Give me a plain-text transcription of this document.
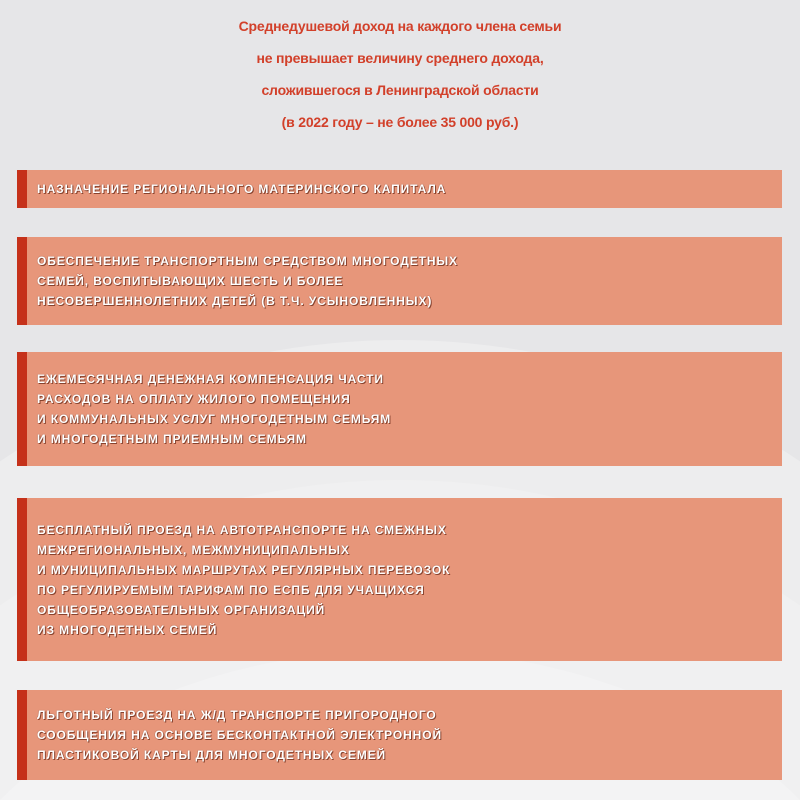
Среднедушевой доход на каждого члена семьи
не превышает величину среднего дохода,
сложившегося в Ленинградской области
(в 2022 году – не более 35 000 руб.)
НАЗНАЧЕНИЕ РЕГИОНАЛЬНОГО МАТЕРИНСКОГО КАПИТАЛА
ОБЕСПЕЧЕНИЕ ТРАНСПОРТНЫМ СРЕДСТВОМ МНОГОДЕТНЫХ
СЕМЕЙ, ВОСПИТЫВАЮЩИХ ШЕСТЬ И БОЛЕЕ
НЕСОВЕРШЕННОЛЕТНИХ ДЕТЕЙ (В Т.Ч. УСЫНОВЛЕННЫХ)
ЕЖЕМЕСЯЧНАЯ ДЕНЕЖНАЯ КОМПЕНСАЦИЯ ЧАСТИ
РАСХОДОВ НА ОПЛАТУ ЖИЛОГО ПОМЕЩЕНИЯ
И КОММУНАЛЬНЫХ УСЛУГ МНОГОДЕТНЫМ СЕМЬЯМ
И МНОГОДЕТНЫМ ПРИЕМНЫМ СЕМЬЯМ
БЕСПЛАТНЫЙ ПРОЕЗД НА АВТОТРАНСПОРТЕ НА СМЕЖНЫХ
МЕЖРЕГИОНАЛЬНЫХ, МЕЖМУНИЦИПАЛЬНЫХ
И МУНИЦИПАЛЬНЫХ МАРШРУТАХ РЕГУЛЯРНЫХ ПЕРЕВОЗОК
ПО РЕГУЛИРУЕМЫМ ТАРИФАМ ПО ЕСПБ ДЛЯ УЧАЩИХСЯ
ОБЩЕОБРАЗОВАТЕЛЬНЫХ ОРГАНИЗАЦИЙ
ИЗ МНОГОДЕТНЫХ СЕМЕЙ
ЛЬГОТНЫЙ ПРОЕЗД НА Ж/Д ТРАНСПОРТЕ ПРИГОРОДНОГО
СООБЩЕНИЯ НА ОСНОВЕ БЕСКОНТАКТНОЙ ЭЛЕКТРОННОЙ
ПЛАСТИКОВОЙ КАРТЫ ДЛЯ МНОГОДЕТНЫХ СЕМЕЙ
